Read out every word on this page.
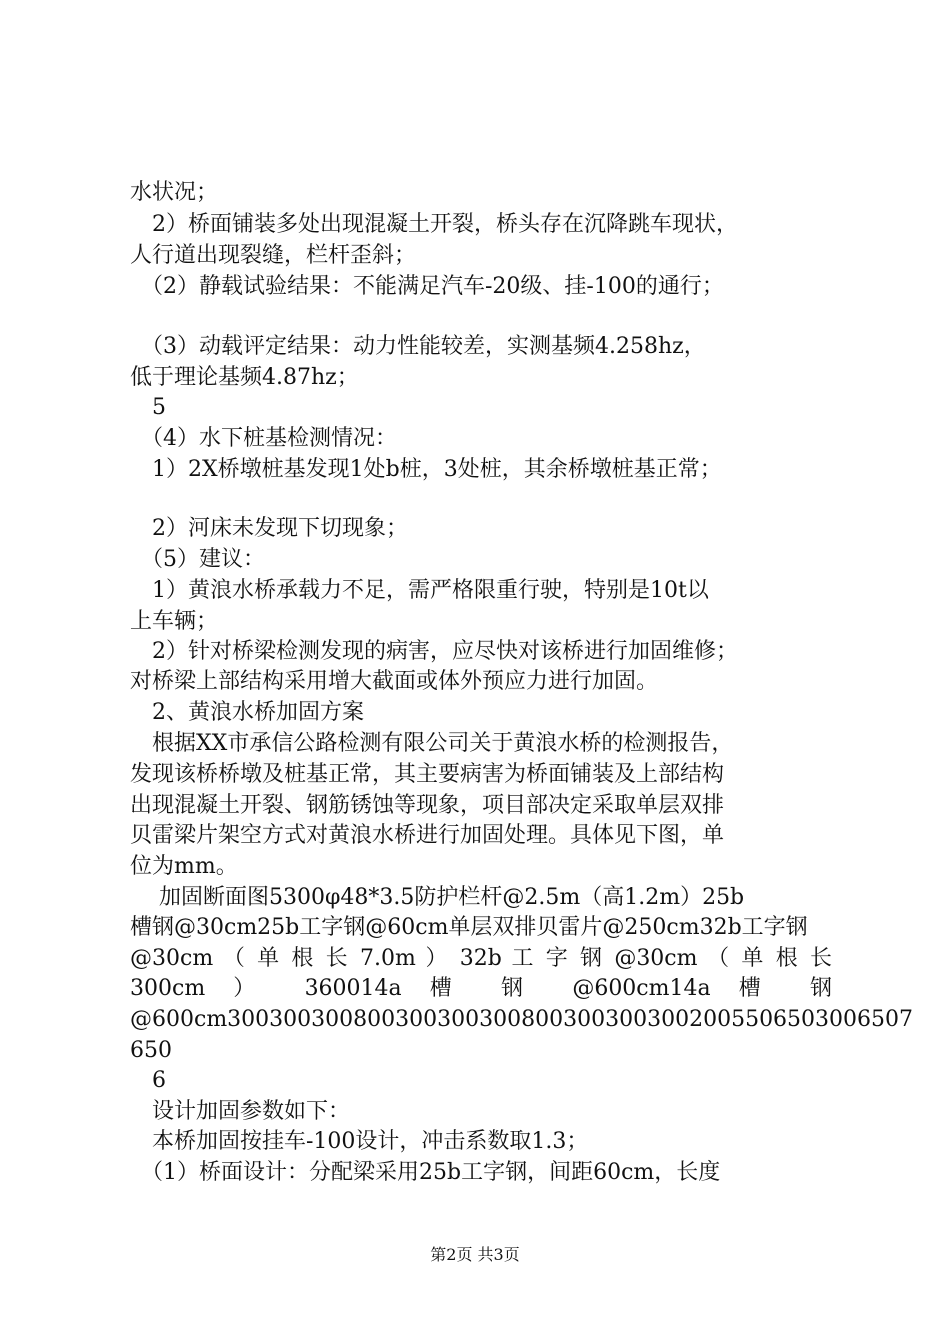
水状况；
　2）桥面铺装多处出现混凝土开裂，桥头存在沉降跳车现状，
人行道出现裂缝，栏杆歪斜；
　（2）静载试验结果：不能满足汽车-20级、挂-100的通行；
　（3）动载评定结果：动力性能较差，实测基频4.258hz，
低于理论基频4.87hz；
　5
　（4）水下桩基检测情况：
　1）2X桥墩桩基发现1处b桩，3处桩，其余桥墩桩基正常；
　2）河床未发现下切现象；
　（5）建议：
　1）黄浪水桥承载力不足，需严格限重行驶，特别是10t以
上车辆；
　2）针对桥梁检测发现的病害，应尽快对该桥进行加固维修；
对桥梁上部结构采用增大截面或体外预应力进行加固。
　2、黄浪水桥加固方案
　根据XX市承信公路检测有限公司关于黄浪水桥的检测报告，
发现该桥桥墩及桩基正常，其主要病害为桥面铺装及上部结构
出现混凝土开裂、钢筋锈蚀等现象，项目部决定采取单层双排
贝雷梁片架空方式对黄浪水桥进行加固处理。具体见下图，单
位为mm。
　 加固断面图5300φ48*3.5防护栏杆@2.5m（高1.2m）25b
槽钢@30cm25b工字钢@60cm单层双排贝雷片@250cm32b工字钢
@30cm （ 单 根 长 7.0m ） 32b 工 字 钢 @30cm （ 单 根 长
300cm ） 360014a 槽 钢 @600cm14a 槽 钢
@600cm3003003008003003003008003003003002005506503006507
650
　6
　设计加固参数如下：
　本桥加固按挂车-100设计，冲击系数取1.3；
　（1）桥面设计：分配梁采用25b工字钢，间距60cm，长度
第2页 共3页
